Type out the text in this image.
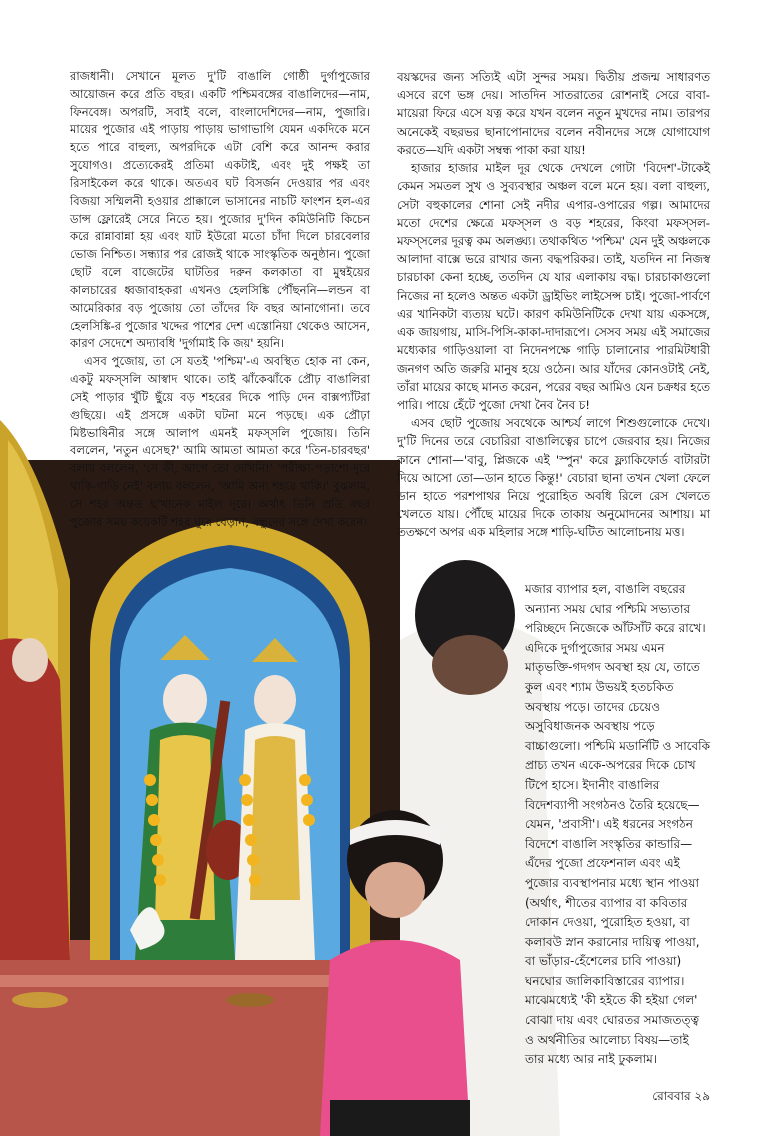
রাজধানী। সেখানে মূলত দু'টি বাঙালি গোষ্ঠী দুর্গাপুজোর আয়োজন করে প্রতি বছর। একটি পশ্চিমবঙ্গের বাঙালিদের—নাম, ফিনবেঙ্গ। অপরটি, সবাই বলে, বাংলাদেশিদের—নাম, পুজারি। মায়ের পুজোর এই পাড়ায় পাড়ায় ভাগাভাগি যেমন একদিকে মনে হতে পারে বাহুল্য, অপরদিকে এটা বেশি করে আনন্দ করার সুযোগও। প্রত্যেকেরই প্রতিমা একটাই, এবং দুই পক্ষই তা রিসাইকেল করে থাকে। অতএব ঘট বিসর্জন দেওয়ার পর এবং বিজয়া সম্মিলনী হওয়ার প্রাক্কালে ভাসানের নাচটি ফাংশন হল-এর ডান্স ফ্লোরেই সেরে নিতে হয়। পুজোর দু'দিন কমিউনিটি কিচেন করে রান্নাবান্না হয় এবং যাট ইউরো মতো চাঁদা দিলে চারবেলার ভোজ নিশ্চিত। সন্ধ্যার পর রোজই থাকে সাংস্কৃতিক অনুষ্ঠান। পুজো ছোট বলে বাজেটের ঘাটতির দরুন কলকাতা বা মুম্বইয়ের কালচারের ধ্বজাবাহকরা এখনও হেলসিঙ্কি পৌঁছননি—লন্ডন বা আমেরিকার বড় পুজোয় তো তাঁদের ফি বছর আনাগোনা। তবে হেলসিঙ্কি-র পুজোর খদ্দের পাশের দেশ এস্তোনিয়া থেকেও আসেন, কারণ সেদেশে অদ্যাবধি 'দুর্গামাই কি জয়' হয়নি।

এসব পুজোয়, তা সে যতই 'পশ্চিম'-এ অবস্থিত হোক না কেন, একটু মফস্‌সলি আস্বাদ থাকে। তাই ঝাঁকেঝাঁকে প্রৌঢ় বাঙালিরা সেই পাড়ার খুঁটি ছুঁয়ে বড় শহরের দিকে পাড়ি দেন বাক্সপ্যাঁটরা গুছিয়ে। এই প্রসঙ্গে একটা ঘটনা মনে পড়ছে। এক প্রৌঢ়া মিষ্টভাষিনীর সঙ্গে আলাপ এমনই মফস্‌সলি পুজোয়। তিনি বললেন, 'নতুন এসেছ?' আমি আমতা আমতা করে 'তিন-চারবছর' বলায় বললেন, 'সে কী, আগে তো দেখিনি!' 'পরীক্ষা-পড়াশো-দূরে থাকি-গাড়ি নেই' বলায় বললেন, 'আমি অন্য শহরে থাকি।' বুঝলাম, সে শহর অন্তত ছ'খানেক মাইল দূরে। অর্থাৎ তিনি প্রতি বছর পুজোর সময় কয়েকটি শহর ঘুরে বেড়ান, বন্ধুদের সঙ্গে দেখা করেন।

বয়স্কদের জন্য সত্যিই এটা সুন্দর সময়। দ্বিতীয় প্রজন্ম সাধারণত এসবে রণে ভঙ্গ দেয়। সাতদিন সাতরাতের রোশনাই সেরে বাবা-মায়েরা ফিরে এসে যত্ন করে যখন বলেন নতুন মুখদের নাম। তারপর অনেকেই বছরভর ছানাপোনাদের বলেন নবীনদের সঙ্গে যোগাযোগ করতে—যদি একটা সম্বন্ধ পাকা করা যায়!

হাজার হাজার মাইল দূর থেকে দেখলে গোটা 'বিদেশ'-টাকেই কেমন সমতল সুখ ও সুব্যবস্থার অঞ্চল বলে মনে হয়। বলা বাহুল্য, সেটা বহুকালের শোনা সেই নদীর এপার-ওপারের গল্প। আমাদের মতো দেশের ক্ষেত্রে মফস্‌সল ও বড় শহরের, কিংবা মফস্‌সল-মফস্‌সলের দূরত্ব কম অলঙ্ঘ্য। তথাকথিত 'পশ্চিম' যেন দুই অঞ্চলকে আলাদা বাক্সে ভরে রাখার জন্য বদ্ধপরিকর। তাই, যতদিন না নিজস্ব চারচাকা কেনা হচ্ছে, ততদিন যে যার এলাকায় বদ্ধ। চারচাকাগুলো নিজের না হলেও অন্তত একটা ড্রাইভিং লাইসেন্স চাই। পুজো-পার্বণে এর খানিকটা ব্যত্যয় ঘটে। কারণ কমিউনিটিকে দেখা যায় একসঙ্গে, এক জায়গায়, মাসি-পিসি-কাকা-দাদারূপে। সেসব সময় এই সমাজের মধ্যেকার গাড়িওয়ালা বা নিদেনপক্ষে গাড়ি চালানোর পারমিটধারী জনগণ অতি জরুরি মানুষ হয়ে ওঠেন। আর যাঁদের কোনওটাই নেই, তাঁরা মায়ের কাছে মানত করেন, পরের বছর আমিও যেন চক্রধর হতে পারি। পায়ে হেঁটে পুজো দেখা নৈব নৈব চ!

এসব ছোট পুজোয় সবথেকে আশ্চর্য লাগে শিশুগুলোকে দেখে। দু'টি দিনের তরে বেচারিরা বাঙালিত্বের চাপে জেরবার হয়। নিজের কানে শোনা—'বাবু, প্লিজকে এই 'স্পুন' করে ফ্ল্যাকিফোর্ড বাটারটা দিয়ে আসো তো—ডান হাতে কিন্তু!' বেচারা ছানা তখন খেলা ফেলে ডান হাতে পরশপাথর নিয়ে পুরোহিত অবধি রিলে রেস খেলতে খেলতে যায়। পৌঁছে মায়ের দিকে তাকায় অনুমোদনের আশায়। মা ততক্ষণে অপর এক মহিলার সঙ্গে শাড়ি-ঘটিত আলোচনায় মত্ত।

মজার ব্যাপার হল, বাঙালি বছরের অন্যান্য সময় ঘোর পশ্চিমি সভ্যতার পরিচ্ছদে নিজেকে আঁটসাঁট করে রাখে। এদিকে দুর্গাপুজোর সময় এমন মাতৃভক্তি-গদগদ অবস্থা হয় যে, তাতে কুল এবং শ্যাম উভয়ই হতচকিত অবস্থায় পড়ে। তাদের চেয়েও অসুবিধাজনক অবস্থায় পড়ে বাচ্চাগুলো। পশ্চিমি মডার্নিটি ও সাবেকি প্রাচ্য তখন একে-অপরের দিকে চোখ টিপে হাসে। ইদানীং বাঙালির বিদেশব্যাপী সংগঠনও তৈরি হয়েছে—যেমন, 'প্রবাসী'। এই ধরনের সংগঠন বিদেশে বাঙালি সংস্কৃতির কান্ডারি—এঁদের পুজো প্রফেশনাল এবং এই পুজোর ব্যবস্থাপনার মধ্যে স্থান পাওয়া (অর্থাৎ, শীতের ব্যাপার বা কবিতার দোকান দেওয়া, পুরোহিত হওয়া, বা কলাবউ স্নান করানোর দায়িত্ব পাওয়া, বা ভাঁড়ার-হেঁশেলের চাবি পাওয়া) ঘনঘোর জালিকাবিস্তারের ব্যাপার। মাঝেমধ্যেই 'কী হইতে কী হইয়া গেল' বোঝা দায় এবং ঘোরতর সমাজতত্ত্ব ও অর্থনীতির আলোচ্য বিষয়—তাই তার মধ্যে আর নাই ঢুকলাম।

রোববার ২৯
